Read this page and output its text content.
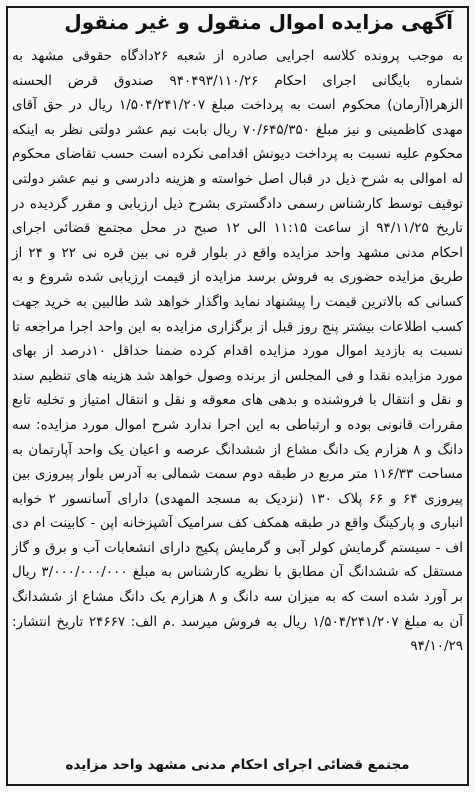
آگهی مزایده اموال منقول و غیر منقول
به موجب پرونده کلاسه اجرایی صادره از شعبه ۲۶دادگاه حقوقی مشهد به شماره بایگانی اجرای احکام ۹۴۰۴۹۳/۱۱۰/۲۶ صندوق قرض الحسنه الزهرا(آرمان) محکوم است به پرداخت مبلغ ۱/۵۰۴/۲۴۱/۲۰۷ ریال در حق آقای مهدی کاظمینی و نیز مبلغ ۷۰/۶۴۵/۳۵۰ ریال بابت نیم عشر دولتی نظر به اینکه محکوم علیه نسبت به پرداخت دیونش اقدامی نکرده است حسب تقاضای محکوم له اموالی به شرح ذیل در قبال اصل خواسته و هزینه دادرسی و نیم عشر دولتی توقیف توسط کارشناس رسمی دادگستری بشرح ذیل ارزیابی و مقرر گردیده در تاریخ ۹۴/۱۱/۲۵ از ساعت ۱۱:۱۵ الی ۱۲ صبح در محل مجتمع قضائی اجرای احکام مدنی مشهد واحد مزایده واقع در بلوار قره نی بین قره نی ۲۲ و ۲۴ از طریق مزایده حضوری به فروش برسد مزایده از قیمت ارزیابی شده شروع و به کسانی که بالاترین قیمت را پیشنهاد نماید واگذار خواهد شد طالبین به خرید جهت کسب اطلاعات بیشتر پنج روز قبل از برگزاری مزایده به این واحد اجرا مراجعه تا نسبت به بازدید اموال مورد مزایده اقدام کرده ضمنا حداقل ۱۰درصد از بهای مورد مزایده نقدا و فی المجلس از برنده وصول خواهد شد هزینه های تنظیم سند و نقل و انتقال با فروشنده و بدهی های معوقه و نقل و انتقال امتیاز و تخلیه تابع مقررات قانونی بوده و ارتباطی به این اجرا ندارد شرح اموال مورد مزایده: سه دانگ و ۸ هزارم یک دانگ مشاع از ششدانگ عرصه و اعیان یک واحد آپارتمان به مساحت ۱۱۶/۳۳ متر مربع در طبقه دوم سمت شمالی به آدرس بلوار پیروزی بین پیروزی ۶۴ و ۶۶ پلاک ۱۳۰ (نزدیک به مسجد المهدی) دارای آسانسور ۲ خوابه انباری و پارکینگ واقع در طبقه همکف کف سرامیک آشپزخانه اپن - کابینت ام دی اف - سیستم گرمایش کولر آبی و گرمایش پکیج دارای انشعابات آب و برق و گاز مستقل که ششدانگ آن مطابق با نظریه کارشناس به مبلغ ۳/۰۰۰/۰۰۰/۰۰۰ ریال بر آورد شده است که به میزان سه دانگ و ۸ هزارم یک دانگ مشاع از ششدانگ آن به مبلغ ۱/۵۰۴/۲۴۱/۲۰۷ ریال به فروش میرسد .م الف: ۲۴۶۶۷ تاریخ انتشار: ۹۴/۱۰/۲۹
مجتمع قضائی اجرای احکام مدنی مشهد واحد مزایده
